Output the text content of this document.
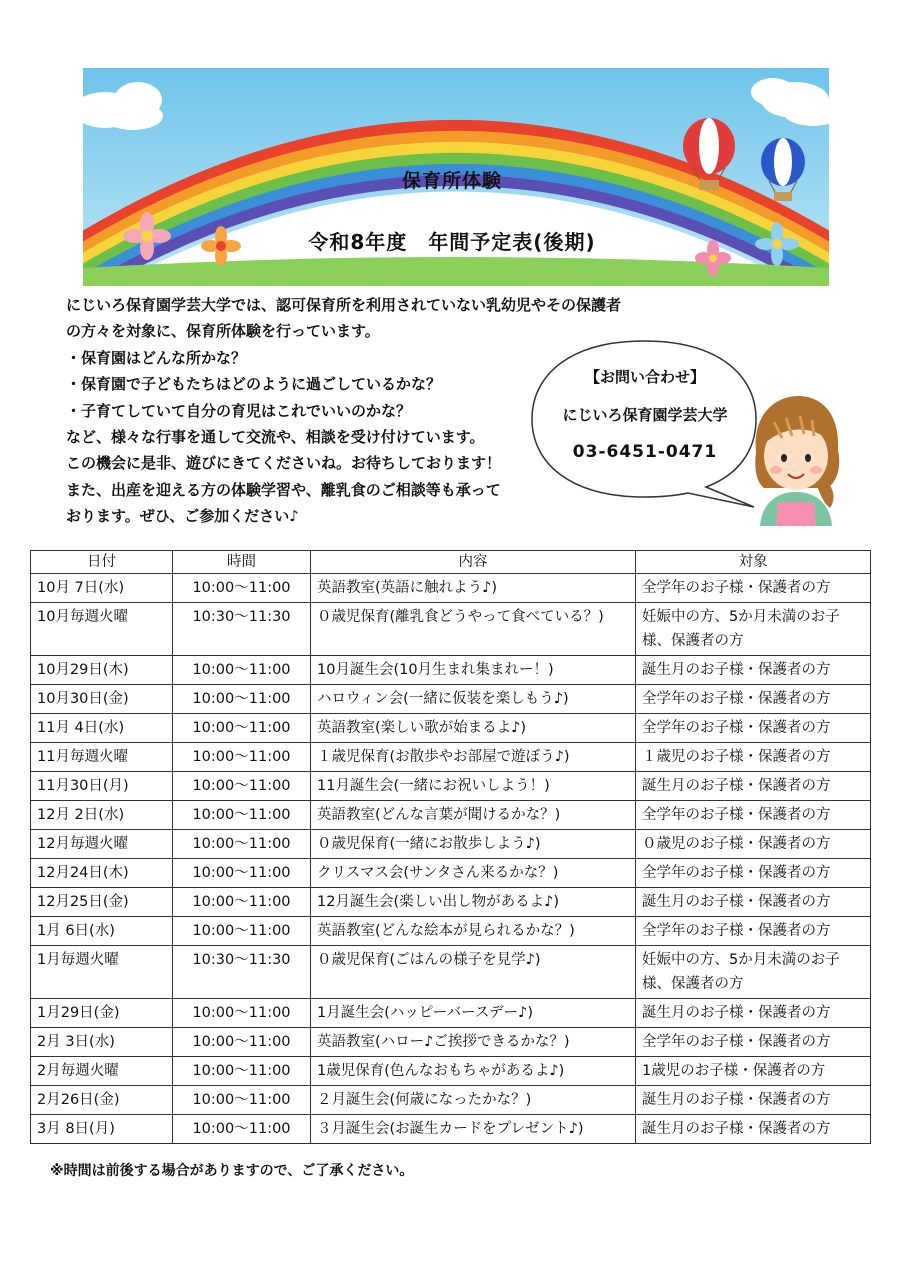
保育所体験
令和8年度　年間予定表(後期)
にじいろ保育園学芸大学では、認可保育所を利用されていない乳幼児やその保護者
の方々を対象に、保育所体験を行っています。
・保育園はどんな所かな？
・保育園で子どもたちはどのように過ごしているかな？
・子育てしていて自分の育児はこれでいいのかな？
など、様々な行事を通して交流や、相談を受け付けています。
この機会に是非、遊びにきてくださいね。お待ちしております！
また、出産を迎える方の体験学習や、離乳食のご相談等も承って
おります。ぜひ、ご参加ください♪
【お問い合わせ】
にじいろ保育園学芸大学
03-6451-0471
日付	時間	内容	対象
10月 7日(水)	10:00～11:00	英語教室(英語に触れよう♪)	全学年のお子様・保護者の方
10月毎週火曜	10:30～11:30	０歳児保育(離乳食どうやって食べている？)	妊娠中の方、5か月未満のお子様、保護者の方
10月29日(木)	10:00～11:00	10月誕生会(10月生まれ集まれー！)	誕生月のお子様・保護者の方
10月30日(金)	10:00～11:00	ハロウィン会(一緒に仮装を楽しもう♪)	全学年のお子様・保護者の方
11月 4日(水)	10:00～11:00	英語教室(楽しい歌が始まるよ♪)	全学年のお子様・保護者の方
11月毎週火曜	10:00～11:00	１歳児保育(お散歩やお部屋で遊ぼう♪)	１歳児のお子様・保護者の方
11月30日(月)	10:00～11:00	11月誕生会(一緒にお祝いしよう！)	誕生月のお子様・保護者の方
12月 2日(水)	10:00～11:00	英語教室(どんな言葉が聞けるかな？)	全学年のお子様・保護者の方
12月毎週火曜	10:00～11:00	０歳児保育(一緒にお散歩しよう♪)	０歳児のお子様・保護者の方
12月24日(木)	10:00～11:00	クリスマス会(サンタさん来るかな？)	全学年のお子様・保護者の方
12月25日(金)	10:00～11:00	12月誕生会(楽しい出し物があるよ♪)	誕生月のお子様・保護者の方
1月 6日(水)	10:00～11:00	英語教室(どんな絵本が見られるかな？)	全学年のお子様・保護者の方
1月毎週火曜	10:30～11:30	０歳児保育(ごはんの様子を見学♪)	妊娠中の方、5か月未満のお子様、保護者の方
1月29日(金)	10:00～11:00	1月誕生会(ハッピーバースデー♪)	誕生月のお子様・保護者の方
2月 3日(水)	10:00～11:00	英語教室(ハロー♪ご挨拶できるかな？)	全学年のお子様・保護者の方
2月毎週火曜	10:00～11:00	1歳児保育(色んなおもちゃがあるよ♪)	1歳児のお子様・保護者の方
2月26日(金)	10:00～11:00	２月誕生会(何歳になったかな？)	誕生月のお子様・保護者の方
3月 8日(月)	10:00～11:00	３月誕生会(お誕生カードをプレゼント♪)	誕生月のお子様・保護者の方
※時間は前後する場合がありますので、ご了承ください。
